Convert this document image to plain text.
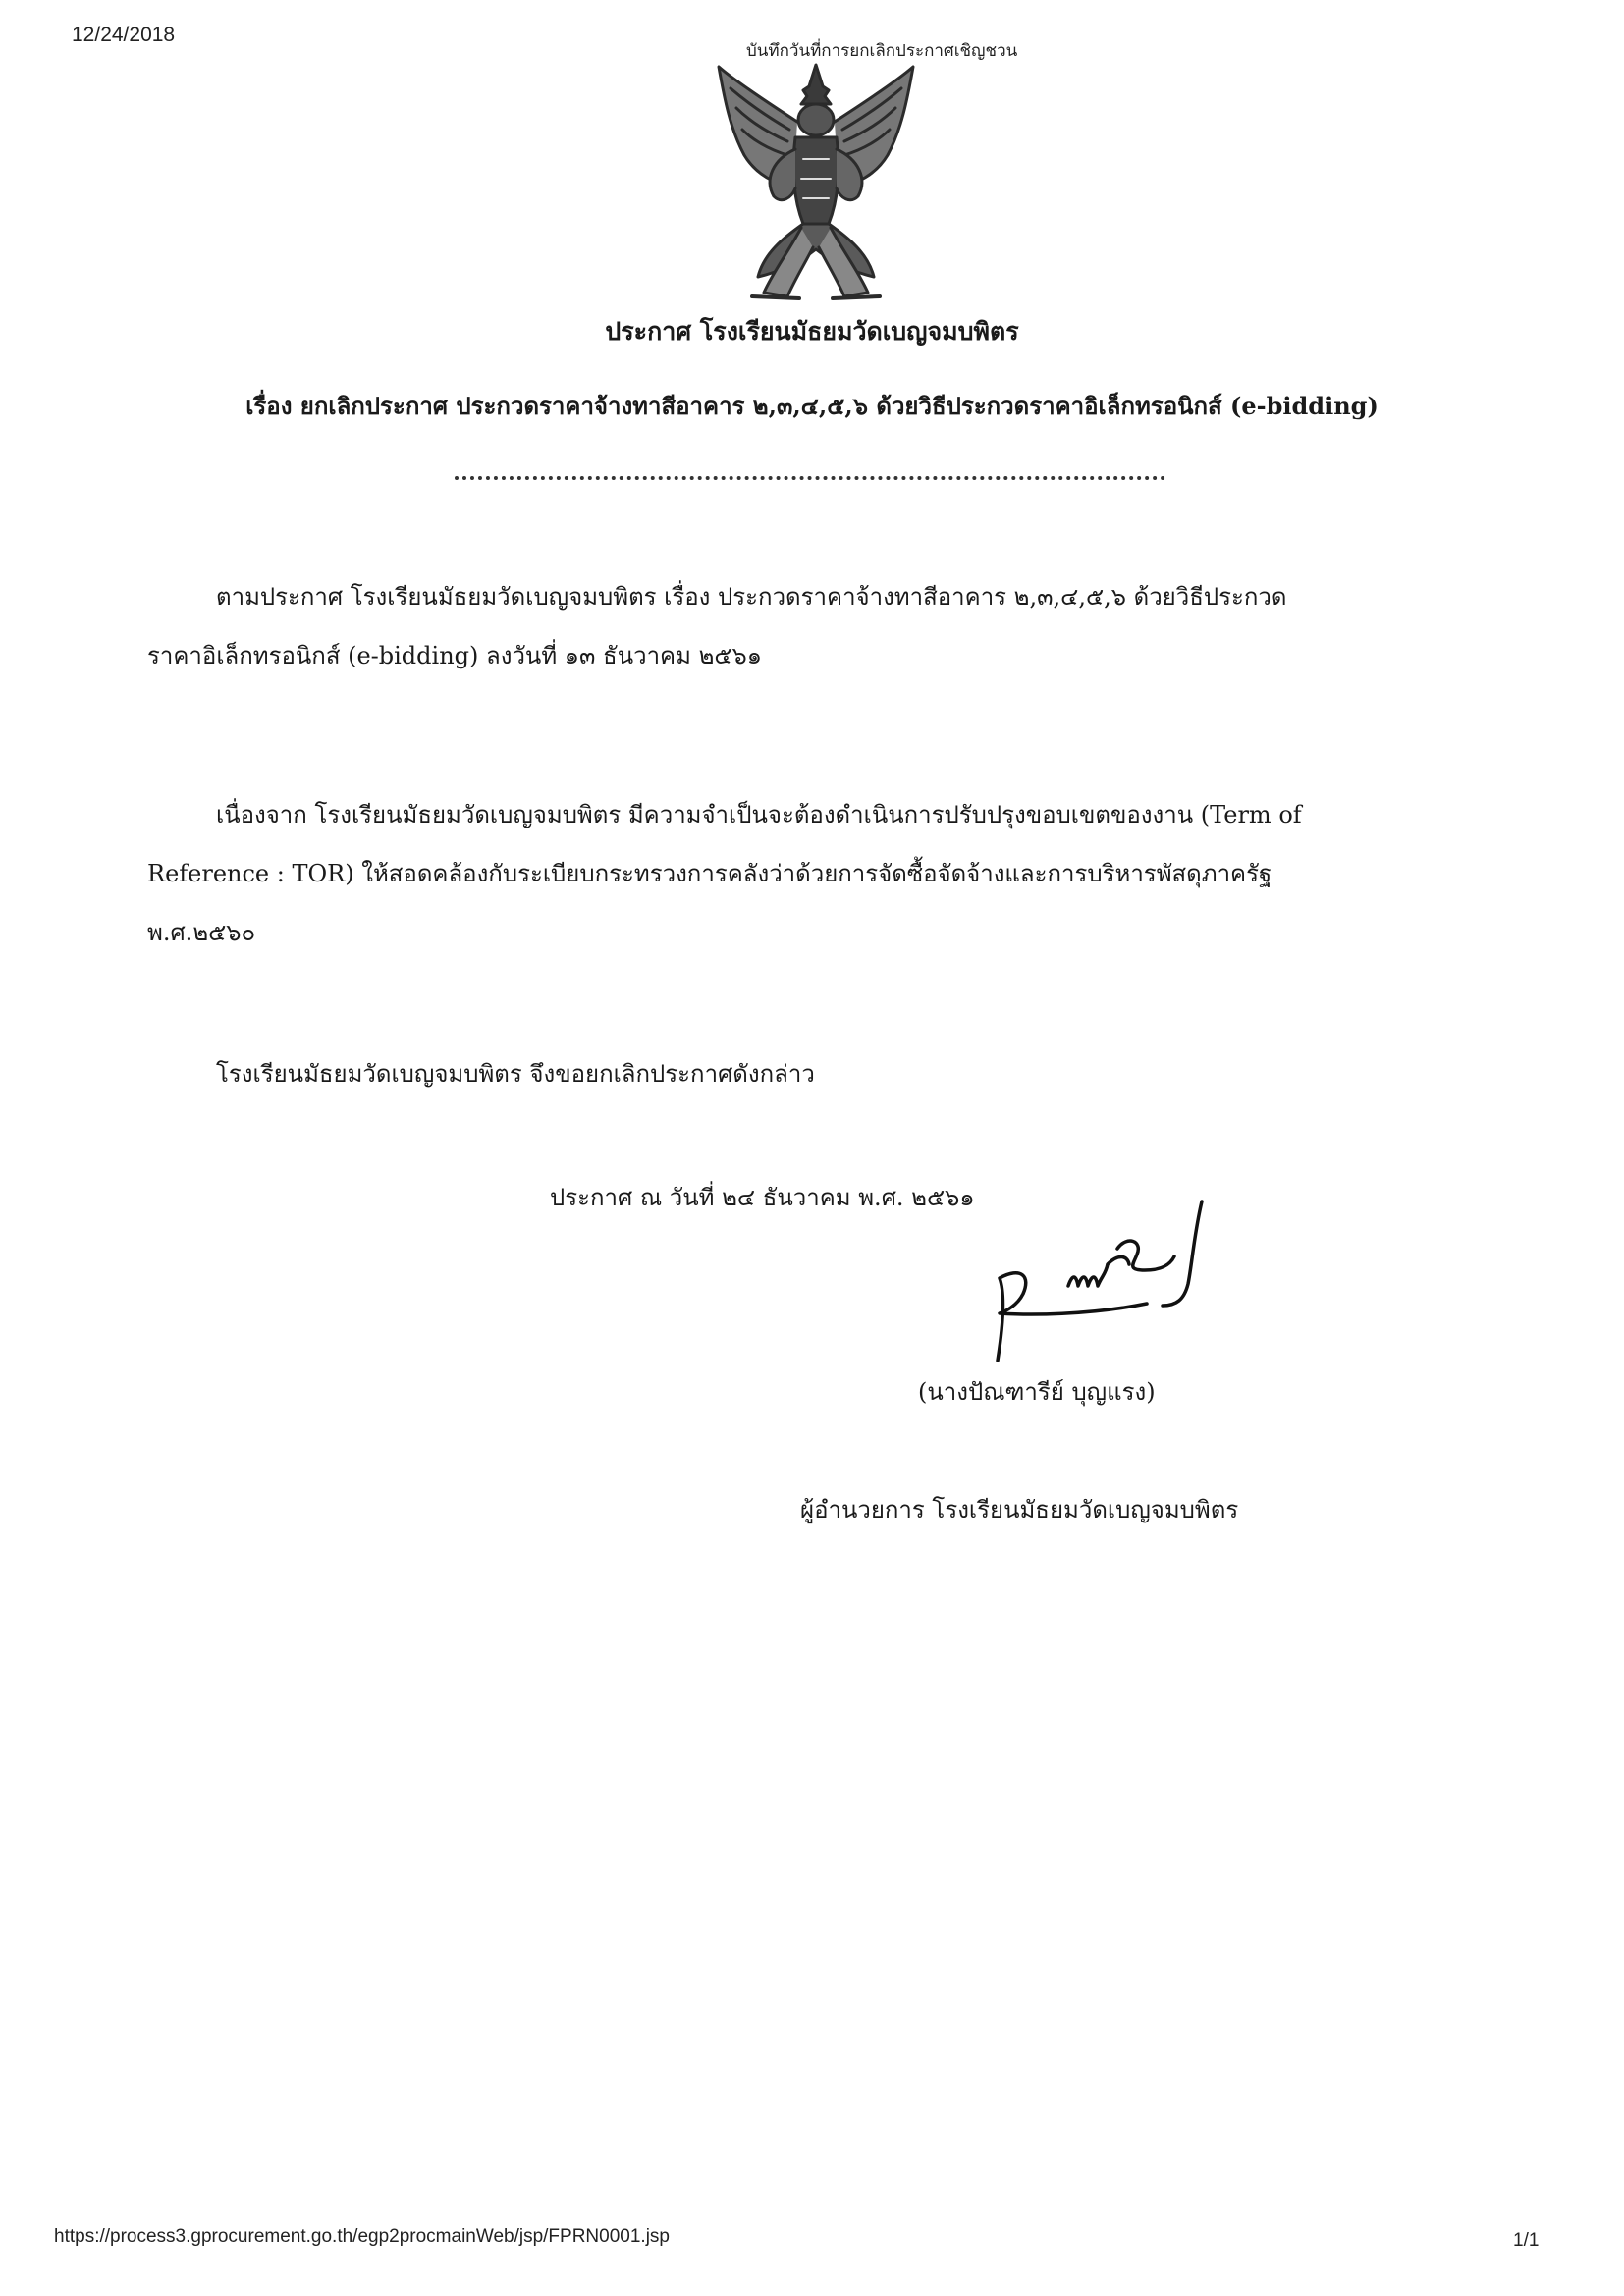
12/24/2018
บันทึกวันที่การยกเลิกประกาศเชิญชวน
ประกาศ โรงเรียนมัธยมวัดเบญจมบพิตร
เรื่อง ยกเลิกประกาศ ประกวดราคาจ้างทาสีอาคาร ๒,๓,๔,๕,๖ ด้วยวิธีประกวดราคาอิเล็กทรอนิกส์ (e-bidding)
ตามประกาศ โรงเรียนมัธยมวัดเบญจมบพิตร เรื่อง ประกวดราคาจ้างทาสีอาคาร ๒,๓,๔,๕,๖ ด้วยวิธีประกวด
ราคาอิเล็กทรอนิกส์ (e-bidding) ลงวันที่ ๑๓ ธันวาคม ๒๕๖๑
เนื่องจาก โรงเรียนมัธยมวัดเบญจมบพิตร มีความจำเป็นจะต้องดำเนินการปรับปรุงขอบเขตของงาน (Term of
Reference : TOR) ให้สอดคล้องกับระเบียบกระทรวงการคลังว่าด้วยการจัดซื้อจัดจ้างและการบริหารพัสดุภาครัฐ
พ.ศ.๒๕๖๐
โรงเรียนมัธยมวัดเบญจมบพิตร จึงขอยกเลิกประกาศดังกล่าว
ประกาศ ณ วันที่ ๒๔ ธันวาคม พ.ศ. ๒๕๖๑
(นางปัณฑารีย์ บุญแรง)
ผู้อำนวยการ โรงเรียนมัธยมวัดเบญจมบพิตร
https://process3.gprocurement.go.th/egp2procmainWeb/jsp/FPRN0001.jsp	1/1
